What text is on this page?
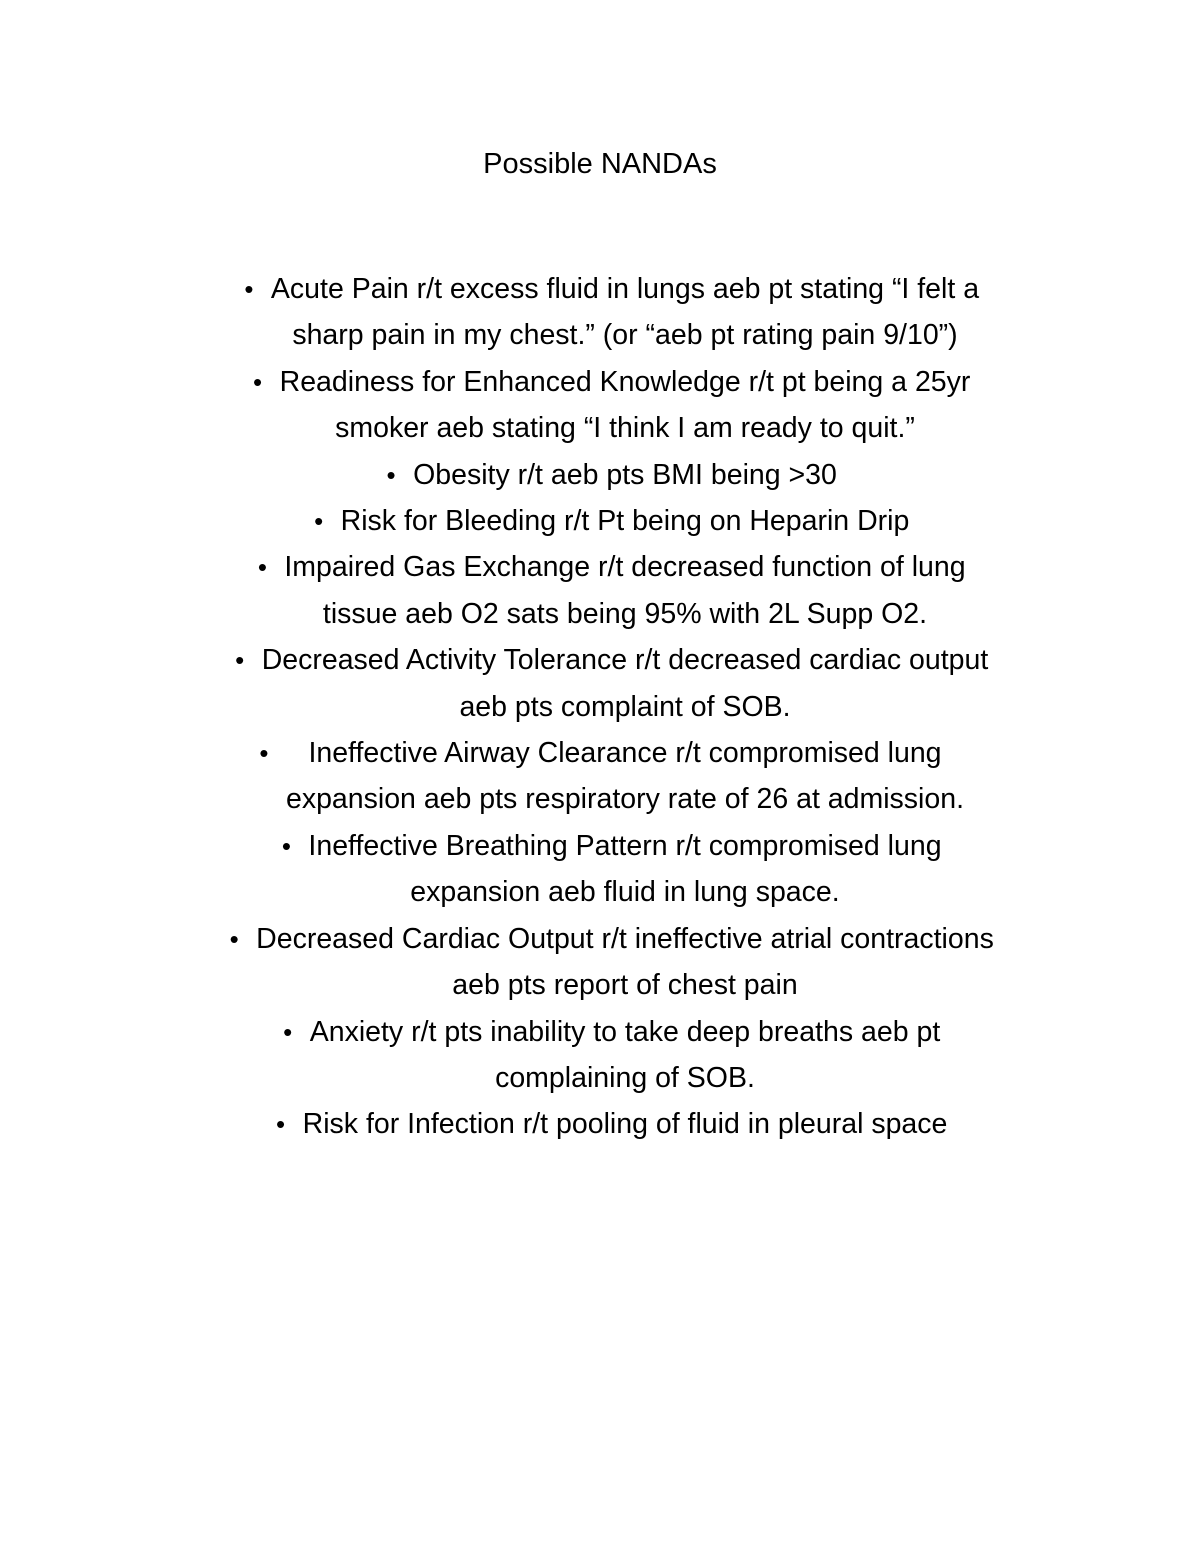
Possible NANDAs
• Acute Pain r/t excess fluid in lungs aeb pt stating “I felt a
sharp pain in my chest.” (or “aeb pt rating pain 9/10”)
• Readiness for Enhanced Knowledge r/t pt being a 25yr
smoker aeb stating “I think I am ready to quit.”
• Obesity r/t aeb pts BMI being >30
• Risk for Bleeding r/t Pt being on Heparin Drip
• Impaired Gas Exchange r/t decreased function of lung
tissue aeb O2 sats being 95% with 2L Supp O2.
• Decreased Activity Tolerance r/t decreased cardiac output
aeb pts complaint of SOB.
•	Ineffective Airway Clearance r/t compromised lung
expansion aeb pts respiratory rate of 26 at admission.
• Ineffective Breathing Pattern r/t compromised lung
expansion aeb fluid in lung space.
• Decreased Cardiac Output r/t ineffective atrial contractions
aeb pts report of chest pain
• Anxiety r/t pts inability to take deep breaths aeb pt
complaining of SOB.
• Risk for Infection r/t pooling of fluid in pleural space
